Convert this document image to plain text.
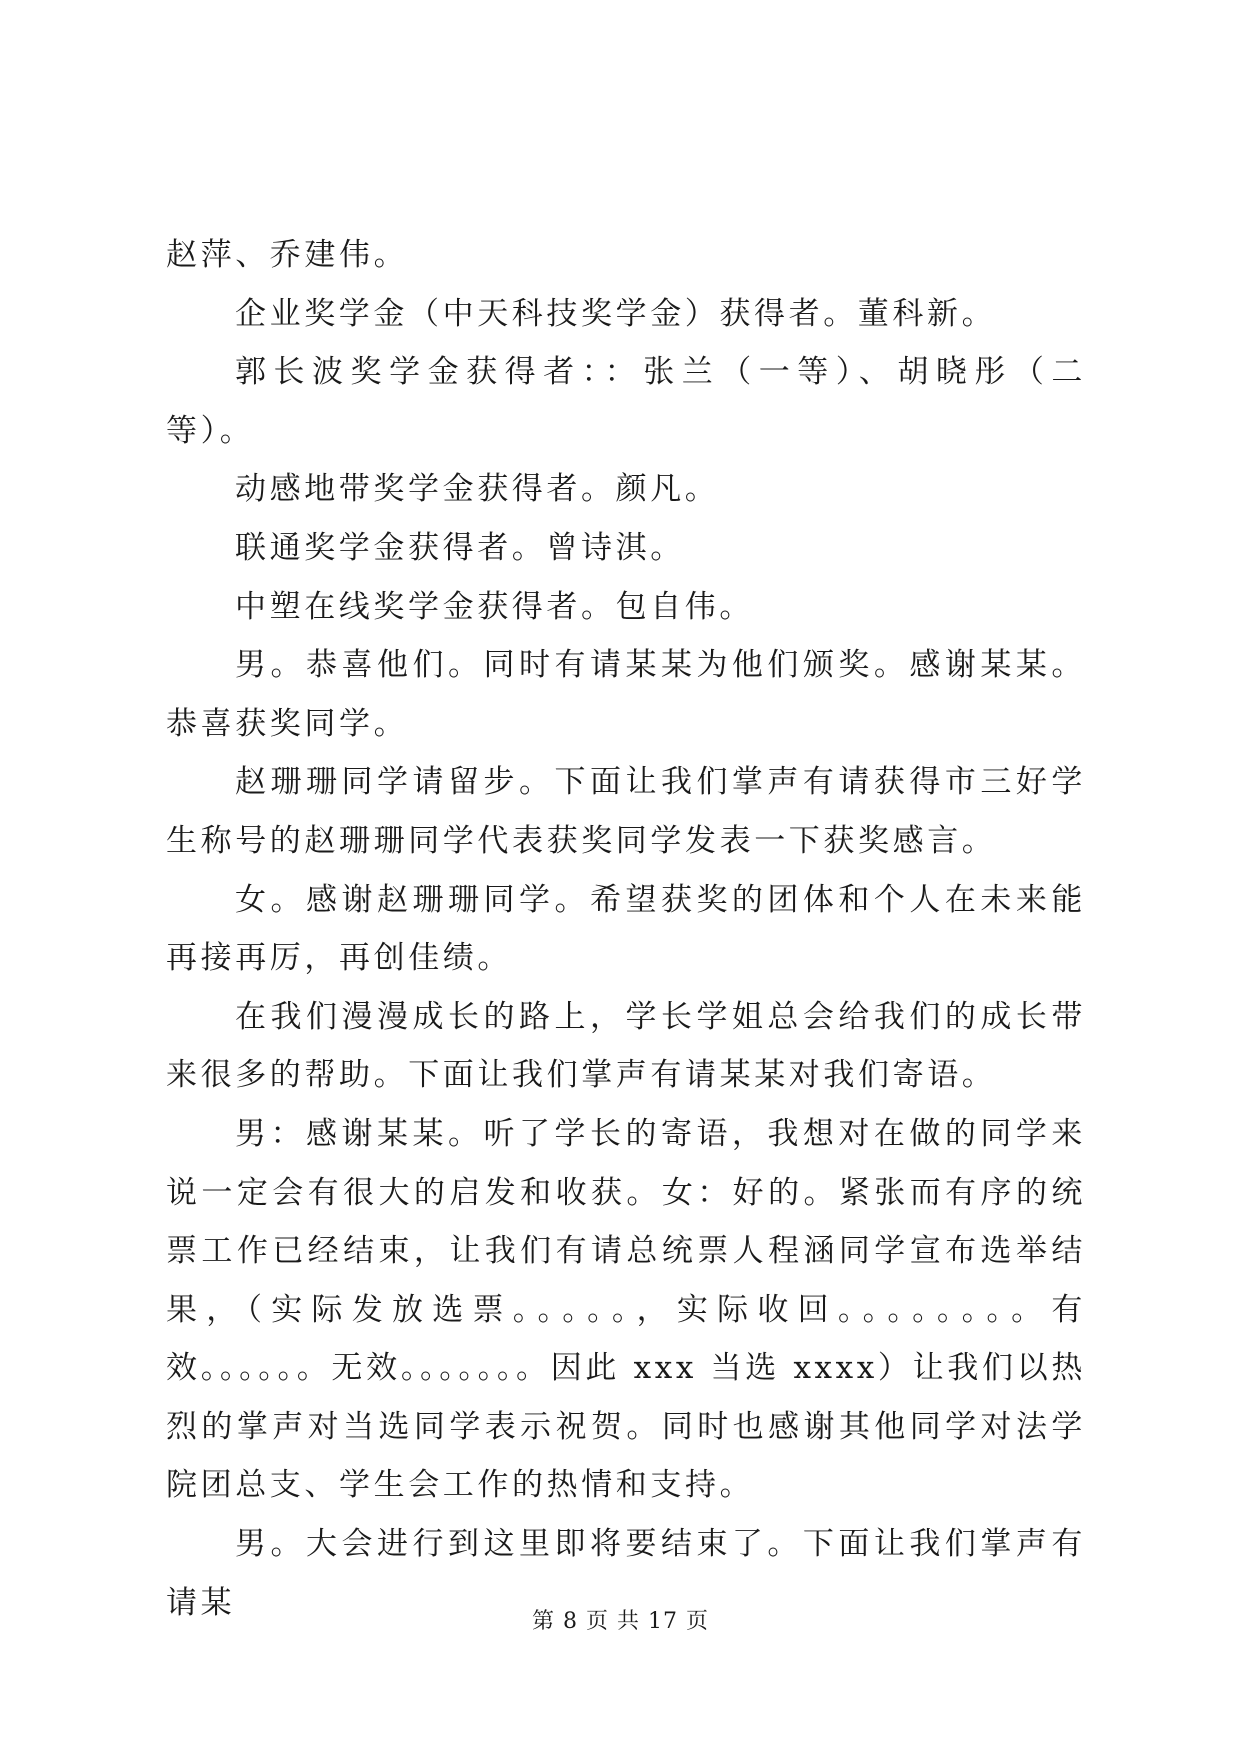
赵萍、乔建伟。

企业奖学金（中天科技奖学金）获得者。董科新。

郭长波奖学金获得者：：张兰（一等）、胡晓彤（二等）。

动感地带奖学金获得者。颜凡。

联通奖学金获得者。曾诗淇。

中塑在线奖学金获得者。包自伟。

男。恭喜他们。同时有请某某为他们颁奖。感谢某某。恭喜获奖同学。

赵珊珊同学请留步。下面让我们掌声有请获得市三好学生称号的赵珊珊同学代表获奖同学发表一下获奖感言。

女。感谢赵珊珊同学。希望获奖的团体和个人在未来能再接再厉，再创佳绩。

在我们漫漫成长的路上，学长学姐总会给我们的成长带来很多的帮助。下面让我们掌声有请某某对我们寄语。

男：感谢某某。听了学长的寄语，我想对在做的同学来说一定会有很大的启发和收获。女：好的。紧张而有序的统票工作已经结束，让我们有请总统票人程涵同学宣布选举结果，（实际发放选票。。。。。，实际收回。。。。。。。。有效。。。。。。无效。。。。。。。因此 xxx 当选 xxxx）让我们以热烈的掌声对当选同学表示祝贺。同时也感谢其他同学对法学院团总支、学生会工作的热情和支持。

男。大会进行到这里即将要结束了。下面让我们掌声有请某

第 8 页 共 17 页
